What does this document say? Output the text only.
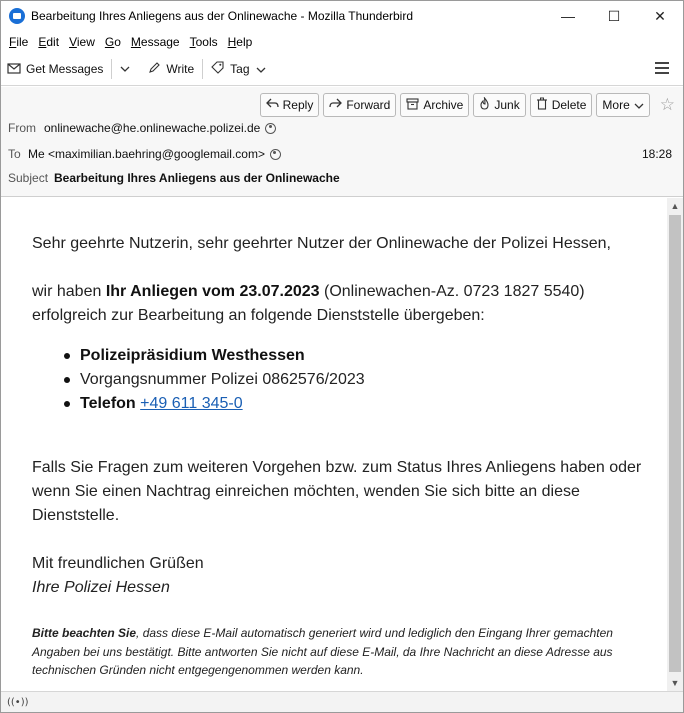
Bearbeitung Ihres Anliegens aus der Onlinewache - Mozilla Thunderbird	—	☐	✕
File Edit View Go Message Tools Help
Get Messages	Write	Tag
Reply	Forward	Archive	Junk	Delete More ☆
From onlinewache@he.onlinewache.polizei.de
To Me <maximilian.baehring@googlemail.com>	18:28
Subject Bearbeitung Ihres Anliegens aus der Onlinewache

Sehr geehrte Nutzerin, sehr geehrter Nutzer der Onlinewache der Polizei Hessen,

wir haben Ihr Anliegen vom 23.07.2023 (Onlinewachen-Az. 0723 1827 5540) erfolgreich zur Bearbeitung an folgende Dienststelle übergeben:

Polizeipräsidium Westhessen
Vorgangsnummer Polizei 0862576/2023
Telefon +49 611 345-0

Falls Sie Fragen zum weiteren Vorgehen bzw. zum Status Ihres Anliegens haben oder wenn Sie einen Nachtrag einreichen möchten, wenden Sie sich bitte an diese Dienststelle.

Mit freundlichen Grüßen

Ihre Polizei Hessen

Bitte beachten Sie, dass diese E-Mail automatisch generiert wird und lediglich den Eingang Ihrer gemachten Angaben bei uns bestätigt. Bitte antworten Sie nicht auf diese E-Mail, da Ihre Nachricht an diese Adresse aus technischen Gründen nicht entgegengenommen werden kann.
▲
▼
((•))
